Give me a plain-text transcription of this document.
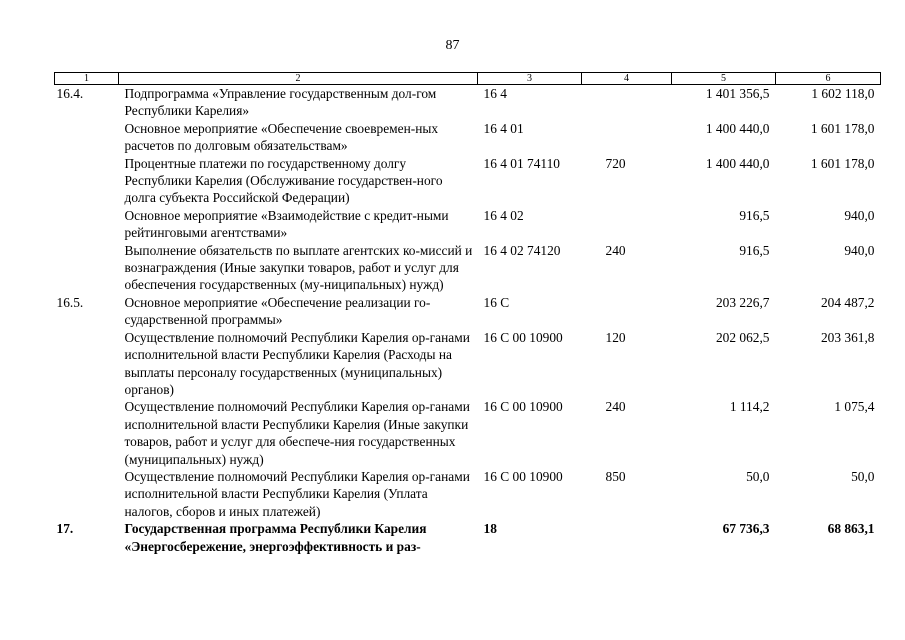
87
1	2	3	4	5	6
16.4.	Подпрограмма «Управление государственным дол-гом Республики Карелия»	16 4		1 401 356,5	1 602 118,0
	Основное мероприятие «Обеспечение своевремен-ных расчетов по долговым обязательствам»	16 4 01		1 400 440,0	1 601 178,0
	Процентные платежи по государственному долгу Республики Карелия (Обслуживание государствен-ного долга субъекта Российской Федерации)	16 4 01 74110	720	1 400 440,0	1 601 178,0
	Основное мероприятие «Взаимодействие с кредит-ными рейтинговыми агентствами»	16 4 02		916,5	940,0
	Выполнение обязательств по выплате агентских ко-миссий и вознаграждения (Иные закупки товаров, работ и услуг для обеспечения государственных (му-ниципальных) нужд)	16 4 02 74120	240	916,5	940,0
16.5.	Основное мероприятие «Обеспечение реализации го-сударственной программы»	16 С		203 226,7	204 487,2
	Осуществление полномочий Республики Карелия ор-ганами исполнительной власти Республики Карелия (Расходы на выплаты персоналу государственных (муниципальных) органов)	16 С 00 10900	120	202 062,5	203 361,8
	Осуществление полномочий Республики Карелия ор-ганами исполнительной власти Республики Карелия (Иные закупки товаров, работ и услуг для обеспече-ния государственных (муниципальных) нужд)	16 С 00 10900	240	1 114,2	1 075,4
	Осуществление полномочий Республики Карелия ор-ганами исполнительной власти Республики Карелия (Уплата налогов, сборов и иных платежей)	16 С 00 10900	850	50,0	50,0
17.	Государственная программа Республики Карелия «Энергосбережение, энергоэффективность и раз-	18		67 736,3	68 863,1
